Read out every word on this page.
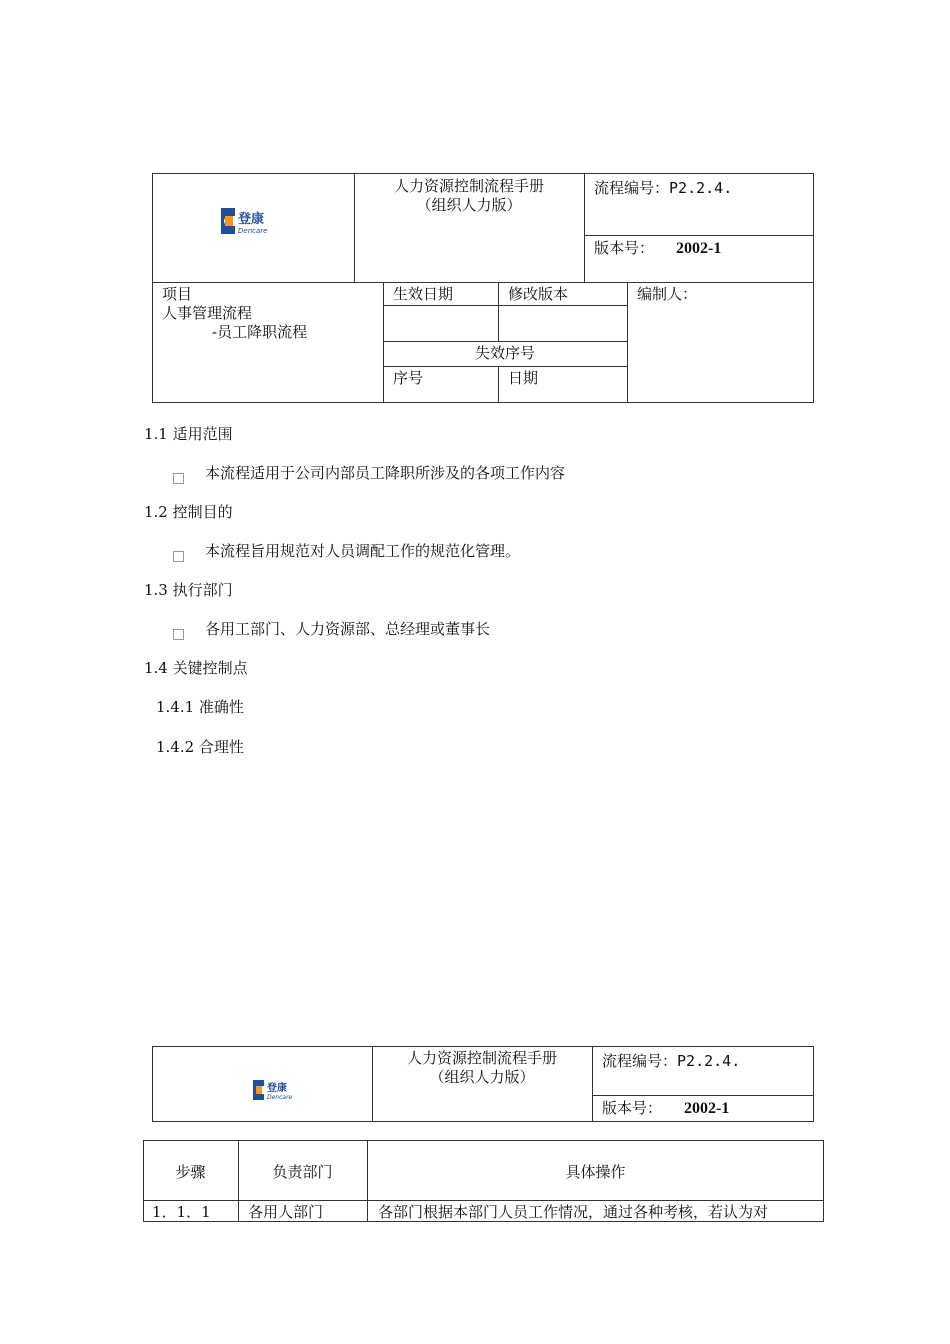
登康
Dencare
人力资源控制流程手册
（组织人力版）
流程编号：P2.2.4.
版本号： 2002-1
项目
人事管理流程
-员工降职流程
生效日期	修改版本	编制人：
失效序号
序号	日期
1.1 适用范围
本流程适用于公司内部员工降职所涉及的各项工作内容
1.2 控制目的
本流程旨用规范对人员调配工作的规范化管理。
1.3 执行部门
各用工部门、人力资源部、总经理或董事长
1.4 关键控制点
1.4.1 准确性
1.4.2 合理性
登康
Dencare
人力资源控制流程手册
（组织人力版）
流程编号：P2.2.4.
版本号： 2002-1
步骤	负责部门	具体操作
1．1．1 各用人部门	各部门根据本部门人员工作情况，通过各种考核，若认为对
